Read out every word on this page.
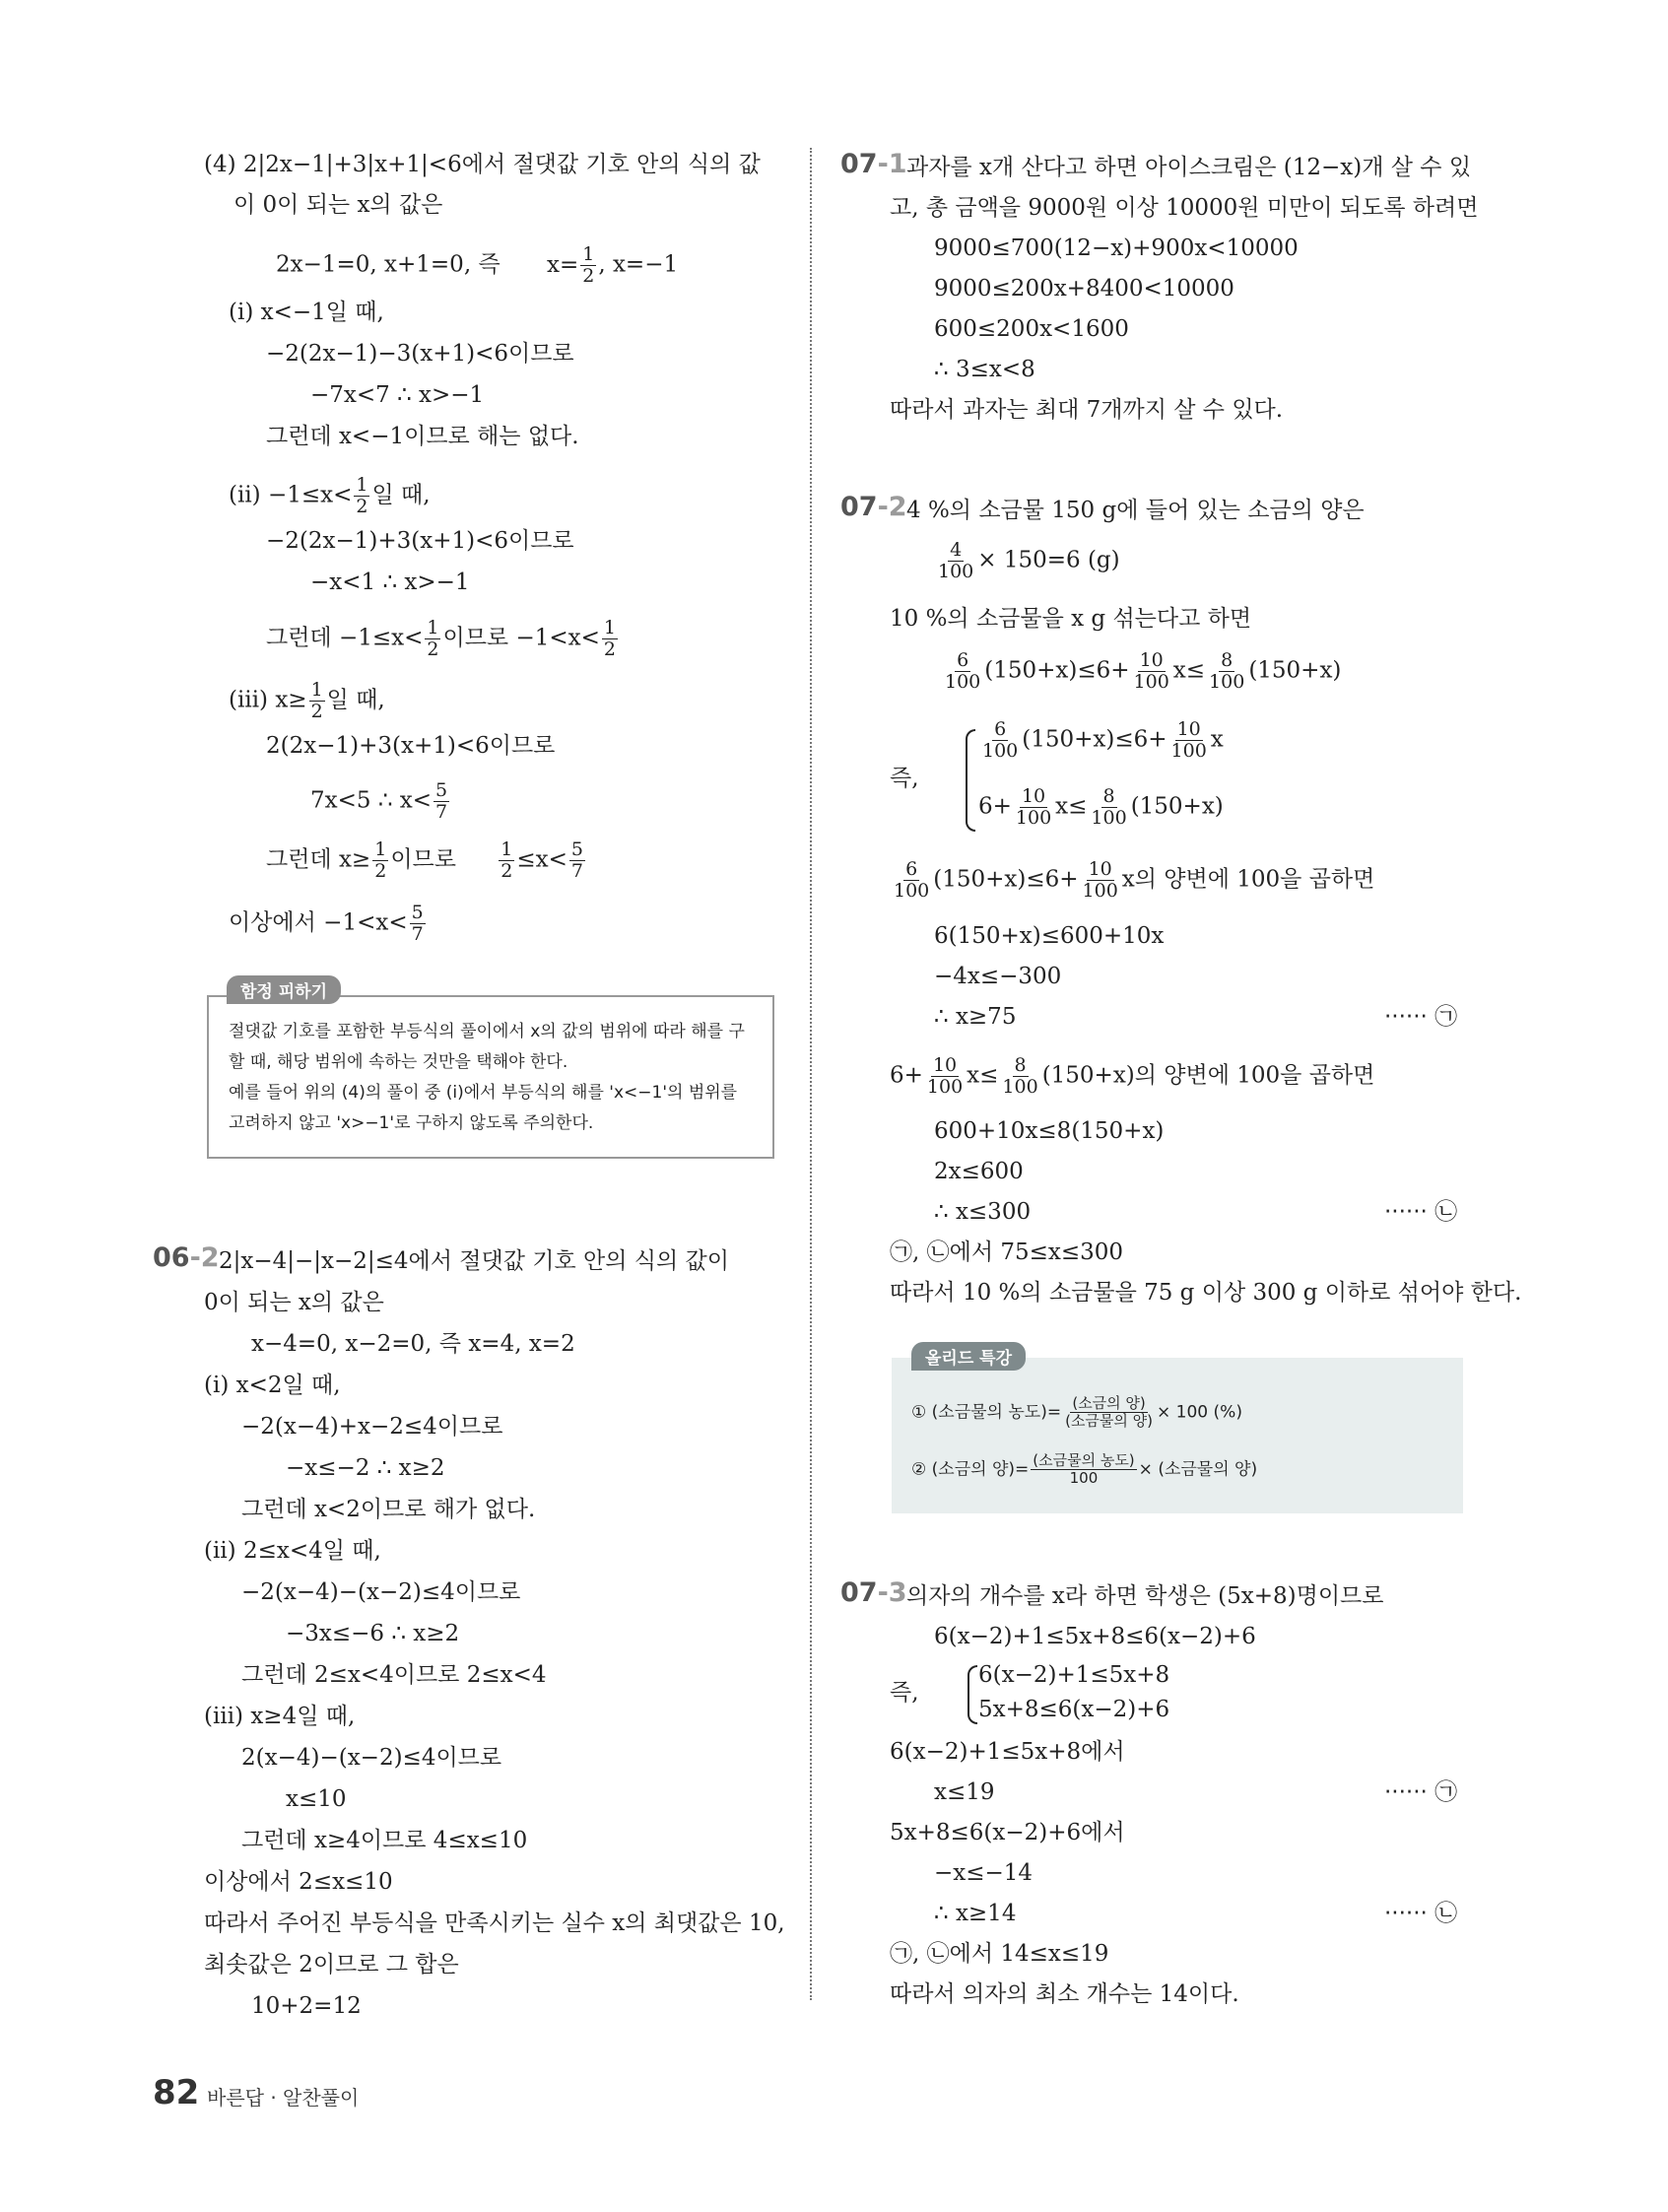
(4) 2|2x−1|+3|x+1|<6에서 절댓값 기호 안의 식의 값
이 0이 되는 x의 값은
2x−1=0, x+1=0, 즉 $x= \frac{1}{2}$ , x=−1
(ⅰ) x<−1일 때,
−2(2x−1)−3(x+1)<6이므로
−7x<7 ∴ x>−1
그런데 x<−1이므로 해는 없다.
(ⅱ) $-1\le x< \frac{1}{2}$ 일 때,
−2(2x−1)+3(x+1)<6이므로
−x<1 ∴ x>−1
그런데 $-1\le x< \frac{1}{2}$ 이므로 $-1<x< \frac{1}{2}$
(ⅲ) $x\ge \frac{1}{2}$ 일 때,
2(2x−1)+3(x+1)<6이므로
7x<5 ∴ $x< \frac{5}{7}$
그런데 $x\ge \frac{1}{2}$ 이므로 $\frac{1}{2} \le x< \frac{5}{7}$
이상에서 $-1<x< \frac{5}{7}$
함정 피하기
절댓값 기호를 포함한 부등식의 풀이에서 x의 값의 범위에 따라 해를 구
할 때, 해당 범위에 속하는 것만을 택해야 한다.
예를 들어 위의 (4)의 풀이 중 (ⅰ)에서 부등식의 해를 'x<−1'의 범위를
고려하지 않고 'x>−1'로 구하지 않도록 주의한다.
06-2 2|x−4|−|x−2|≤4에서 절댓값 기호 안의 식의 값이
0이 되는 x의 값은
x−4=0, x−2=0, 즉 x=4, x=2
(ⅰ) x<2일 때,
−2(x−4)+x−2≤4이므로
−x≤−2 ∴ x≥2
그런데 x<2이므로 해가 없다.
(ⅱ) 2≤x<4일 때,
−2(x−4)−(x−2)≤4이므로
−3x≤−6 ∴ x≥2
그런데 2≤x<4이므로 2≤x<4
(ⅲ) x≥4일 때,
2(x−4)−(x−2)≤4이므로
x≤10
그런데 x≥4이므로 4≤x≤10
이상에서 2≤x≤10
따라서 주어진 부등식을 만족시키는 실수 x의 최댓값은 10,
최솟값은 2이므로 그 합은
10+2=12
07-1 과자를 x개 산다고 하면 아이스크림은 (12−x)개 살 수 있
고, 총 금액을 9000원 이상 10000원 미만이 되도록 하려면
9000≤700(12−x)+900x<10000
9000≤200x+8400<10000
600≤200x<1600
∴ 3≤x<8
따라서 과자는 최대 7개까지 살 수 있다.
07-2 4 %의 소금물 150 g에 들어 있는 소금의 양은
$\frac{4}{100} \times 150=6$ (g)
10 %의 소금물을 x g 섞는다고 하면
$\frac{6}{100} (150+x)\le 6+ \frac{10}{100} x\le \frac{8}{100} (150+x)$
즉,
$\frac{6}{100} (150+x)\le 6+ \frac{10}{100}$ x
$6+ \frac{10}{100} x\le \frac{8}{100} (150+x)$
$\frac{6}{100} (150+x)\le 6+ \frac{10}{100}$ x의 양변에 100을 곱하면
6(150+x)≤600+10x
−4x≤−300
∴ x≥75	······ ㉠
$6+ \frac{10}{100} x\le \frac{8}{100} (150+x)$의 양변에 100을 곱하면
600+10x≤8(150+x)
2x≤600
∴ x≤300	······ ㉡
㉠, ㉡에서 75≤x≤300
따라서 10 %의 소금물을 75 g 이상 300 g 이하로 섞어야 한다.
올리드 특강
① (소금물의 농도)= $\frac{\text{(소금의 양)}}{\text{(소금물의 양)}} \times 100$ (%)
② (소금의 양)= $\frac{\text{(소금물의 농도)}}{100}$ × (소금물의 양)
07-3 의자의 개수를 x라 하면 학생은 (5x+8)명이므로
6(x−2)+1≤5x+8≤6(x−2)+6
즉,
6(x−2)+1≤5x+8
5x+8≤6(x−2)+6
6(x−2)+1≤5x+8에서
x≤19	······ ㉠
5x+8≤6(x−2)+6에서
−x≤−14
∴ x≥14	······ ㉡
㉠, ㉡에서 14≤x≤19
따라서 의자의 최소 개수는 14이다.
82 바른답 · 알찬풀이
